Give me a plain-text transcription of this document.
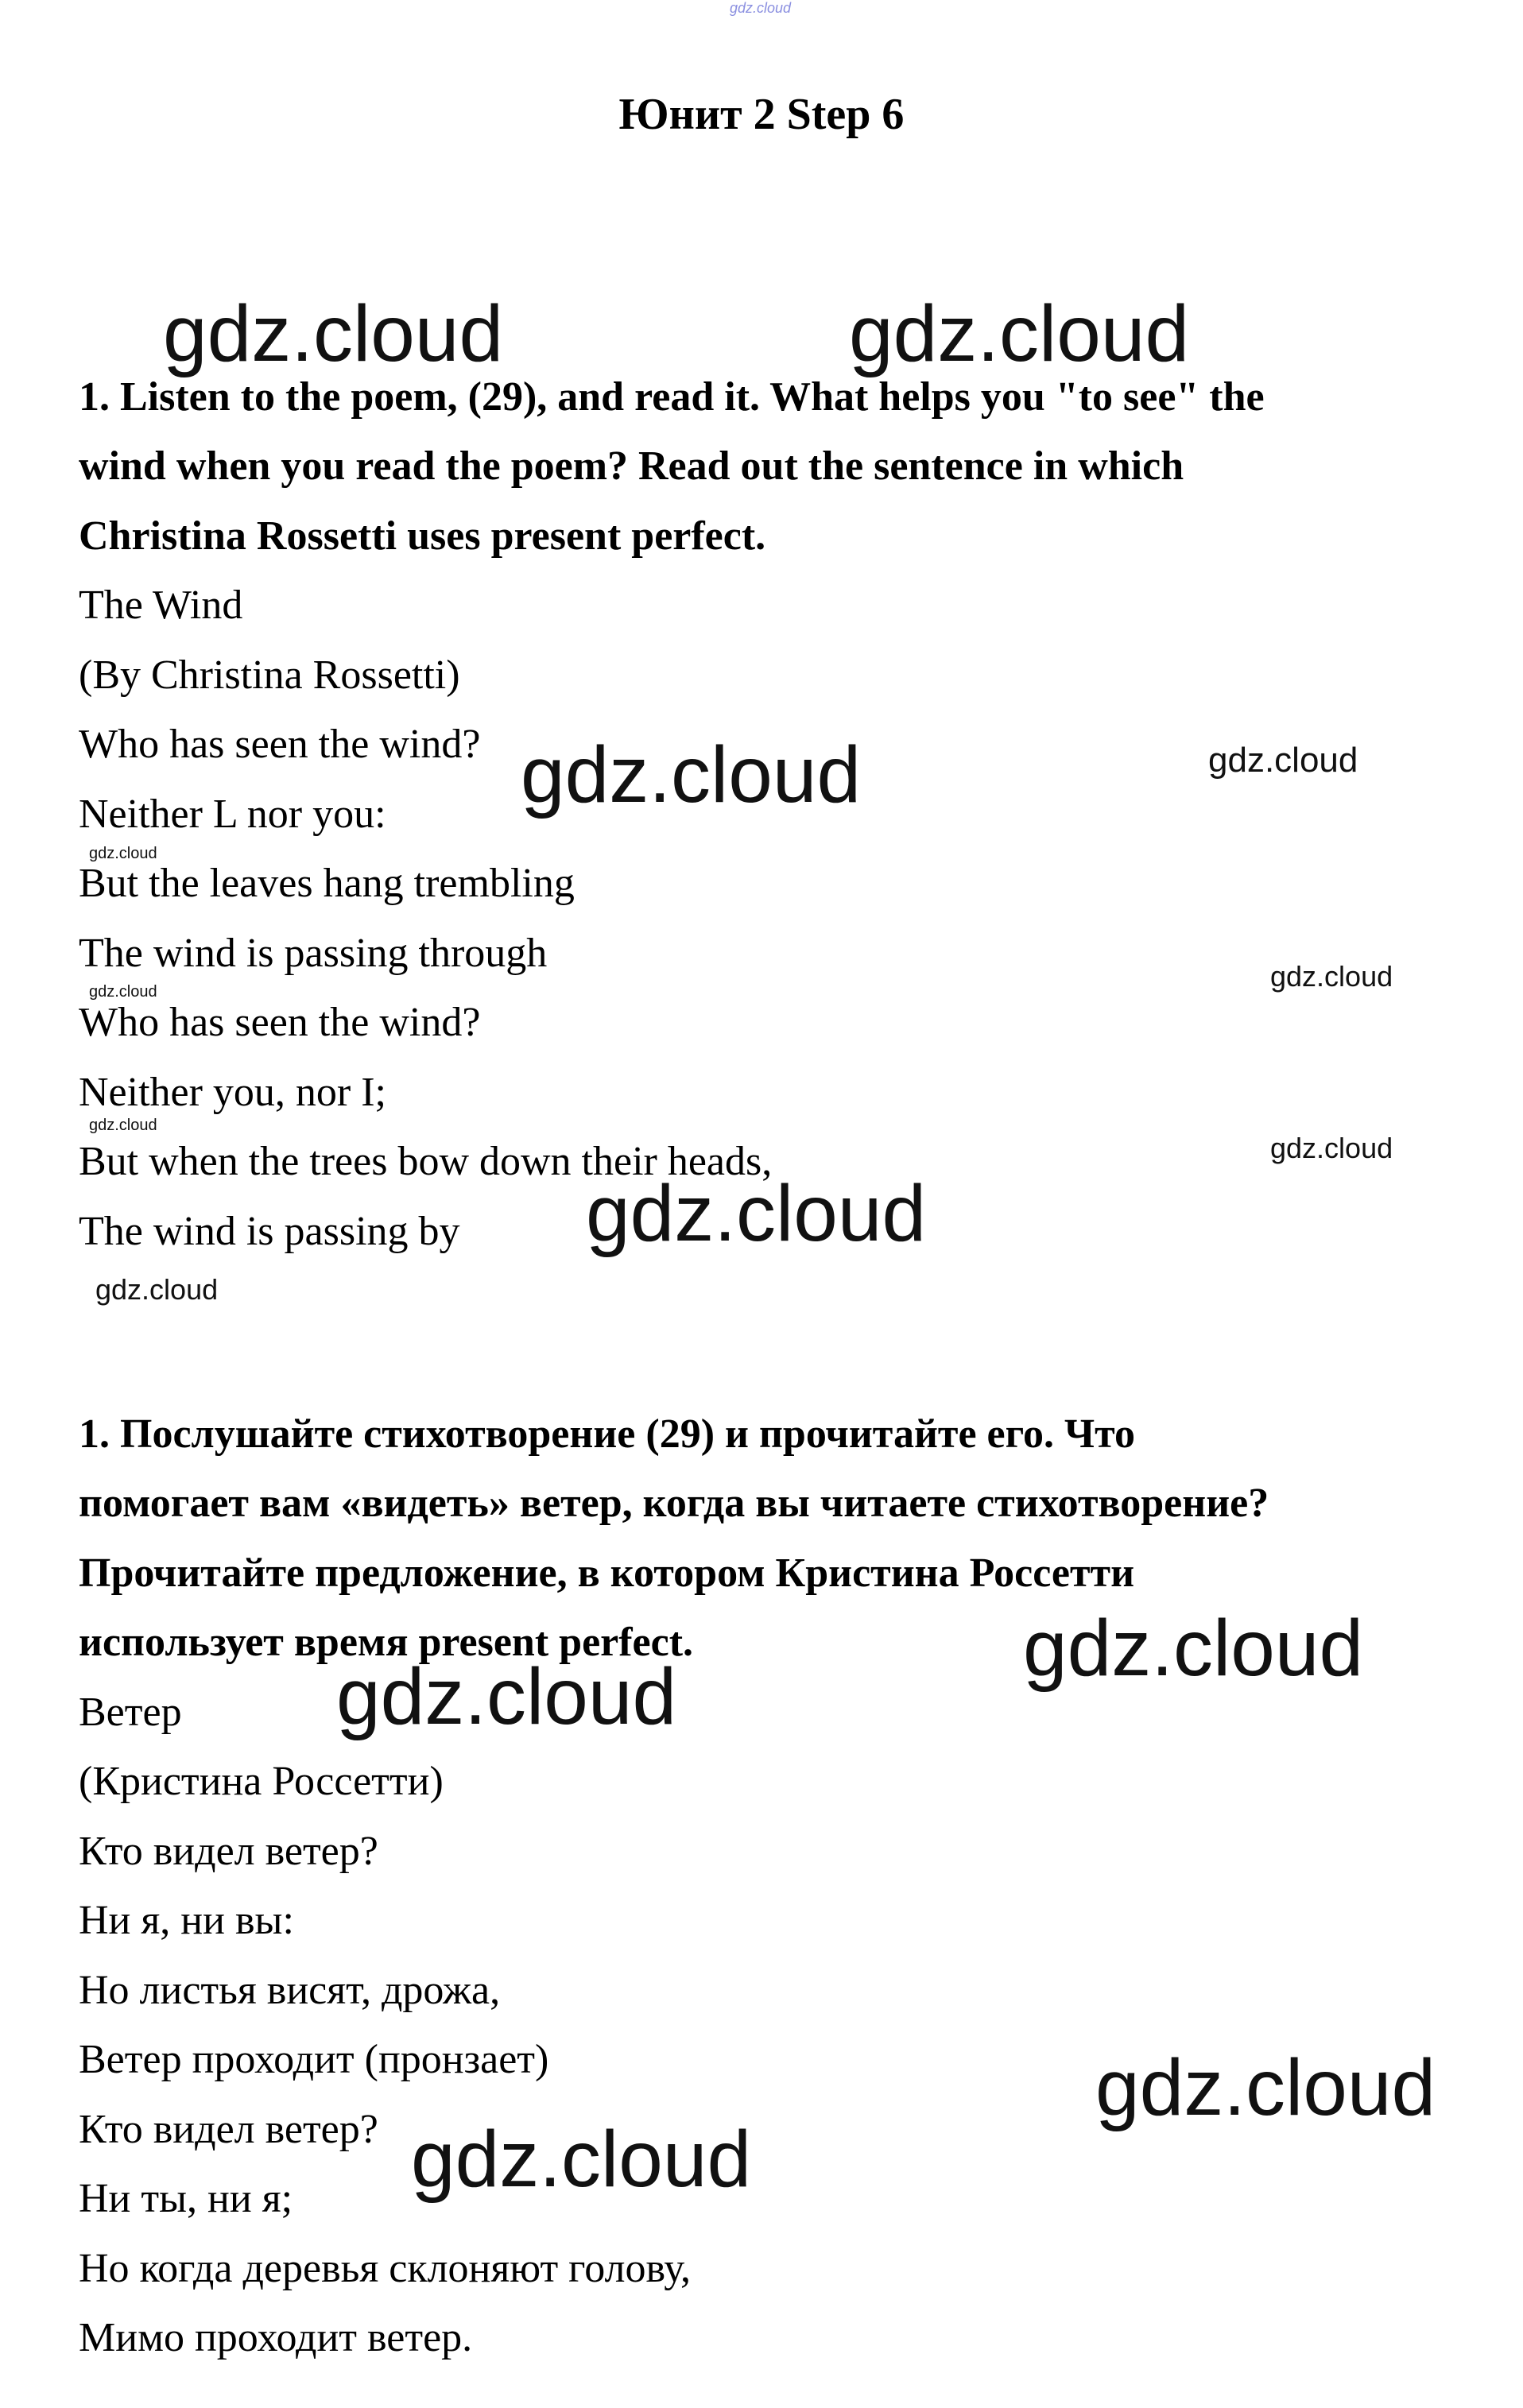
gdz.cloud
Юнит 2 Step 6
1. Listen to the poem, (29), and read it. What helps you "to see" the
wind when you read the poem? Read out the sentence in which
Christina Rossetti uses present perfect.
The Wind
(By Christina Rossetti)
Who has seen the wind?
Neither L nor you:
But the leaves hang trembling
The wind is passing through
Who has seen the wind?
Neither you, nor I;
But when the trees bow down their heads,
The wind is passing by
1. Послушайте стихотворение (29) и прочитайте его. Что
помогает вам «видеть» ветер, когда вы читаете стихотворение?
Прочитайте предложение, в котором Кристина Россетти
использует время present perfect.
Ветер
(Кристина Россетти)
Кто видел ветер?
Ни я, ни вы:
Но листья висят, дрожа,
Ветер проходит (пронзает)
Кто видел ветер?
Ни ты, ни я;
Но когда деревья склоняют голову,
Мимо проходит ветер.
gdz.cloud	gdz.cloud
gdz.cloud	gdz.cloud
gdz.cloud
gdz.cloud
gdz.cloud
gdz.cloud
gdz.cloud
gdz.cloud
gdz.cloud
gdz.cloud
gdz.cloud
gdz.cloud
gdz.cloud
